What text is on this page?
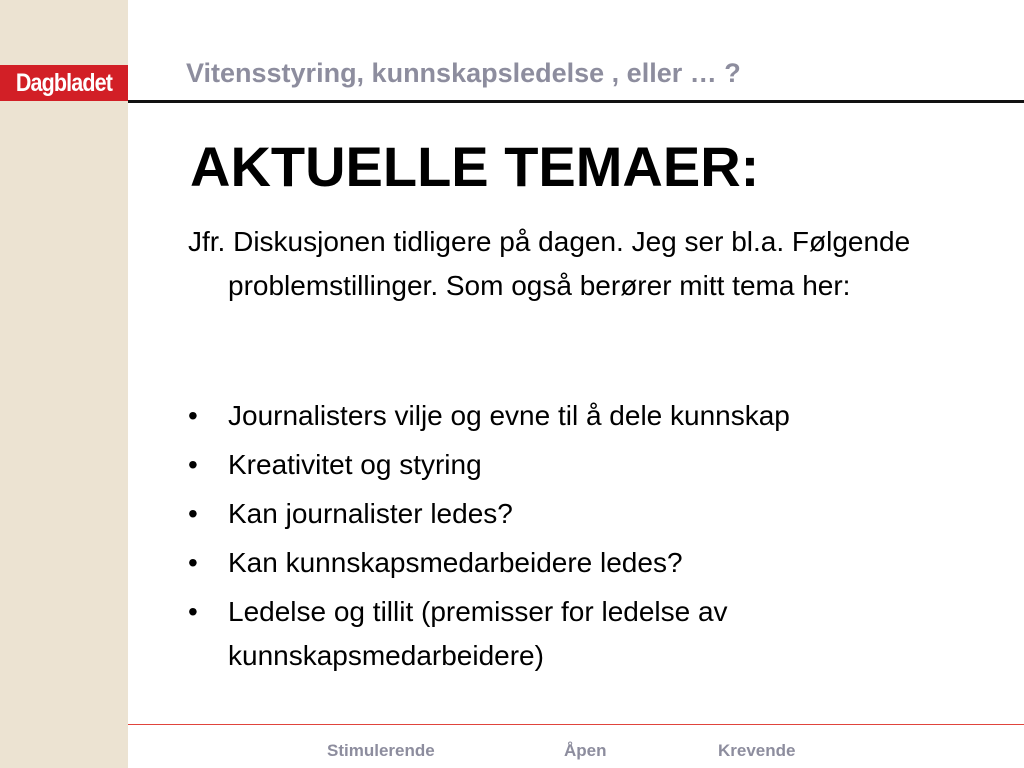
Dagbladet	Vitensstyring, kunnskapsledelse , eller … ?
AKTUELLE TEMAER:
Jfr. Diskusjonen tidligere på dagen. Jeg ser bl.a. Følgende problemstillinger. Som også berører mitt tema her:
•	Journalisters vilje og evne til å dele kunnskap
•	Kreativitet og styring
•	Kan journalister ledes?
•	Kan kunnskapsmedarbeidere ledes?
•	Ledelse og tillit (premisser for ledelse av kunnskapsmedarbeidere)
Stimulerende	Åpen	Krevende
